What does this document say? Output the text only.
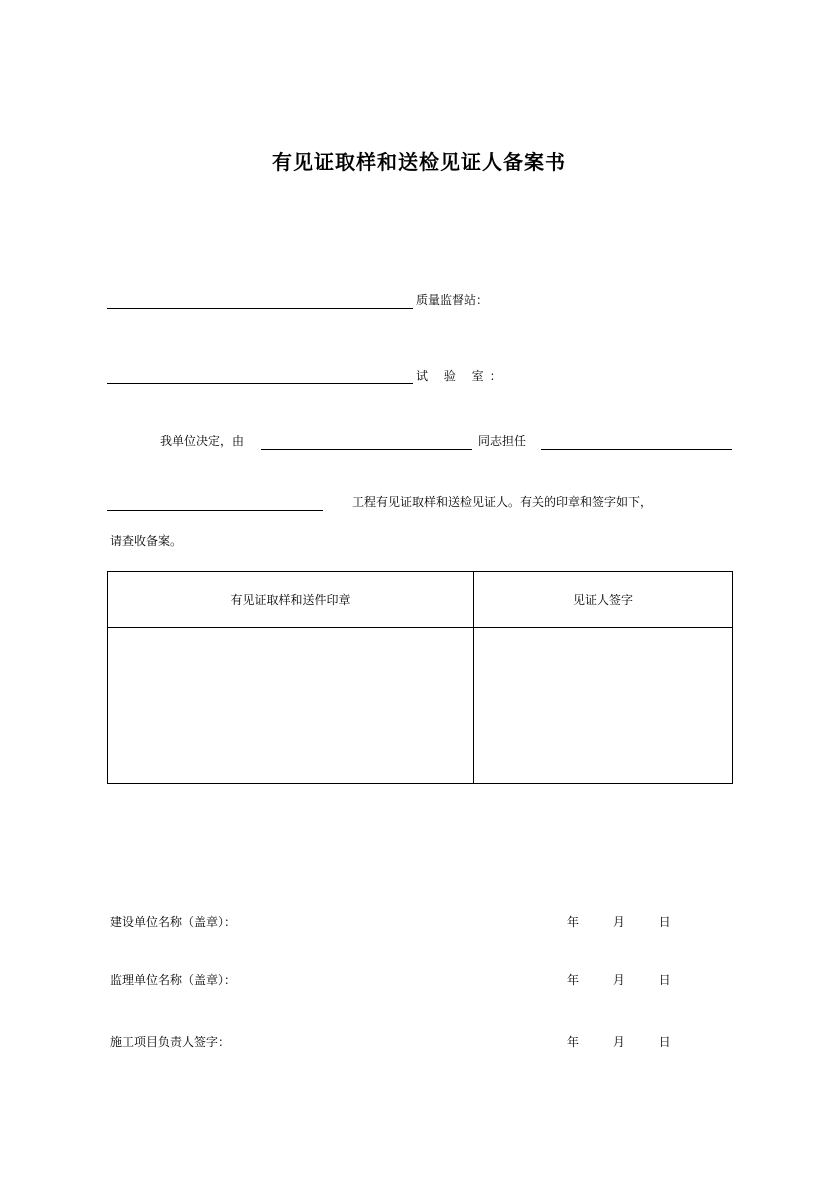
有见证取样和送检见证人备案书
质量监督站：
试 验 室：
我单位决定，由	同志担任
工程有见证取样和送检见证人。有关的印章和签字如下，
请查收备案。
有见证取样和送件印章	见证人签字

建设单位名称（盖章）：	年 月 日
监理单位名称（盖章）：	年 月 日
施工项目负责人签字：	年 月 日
